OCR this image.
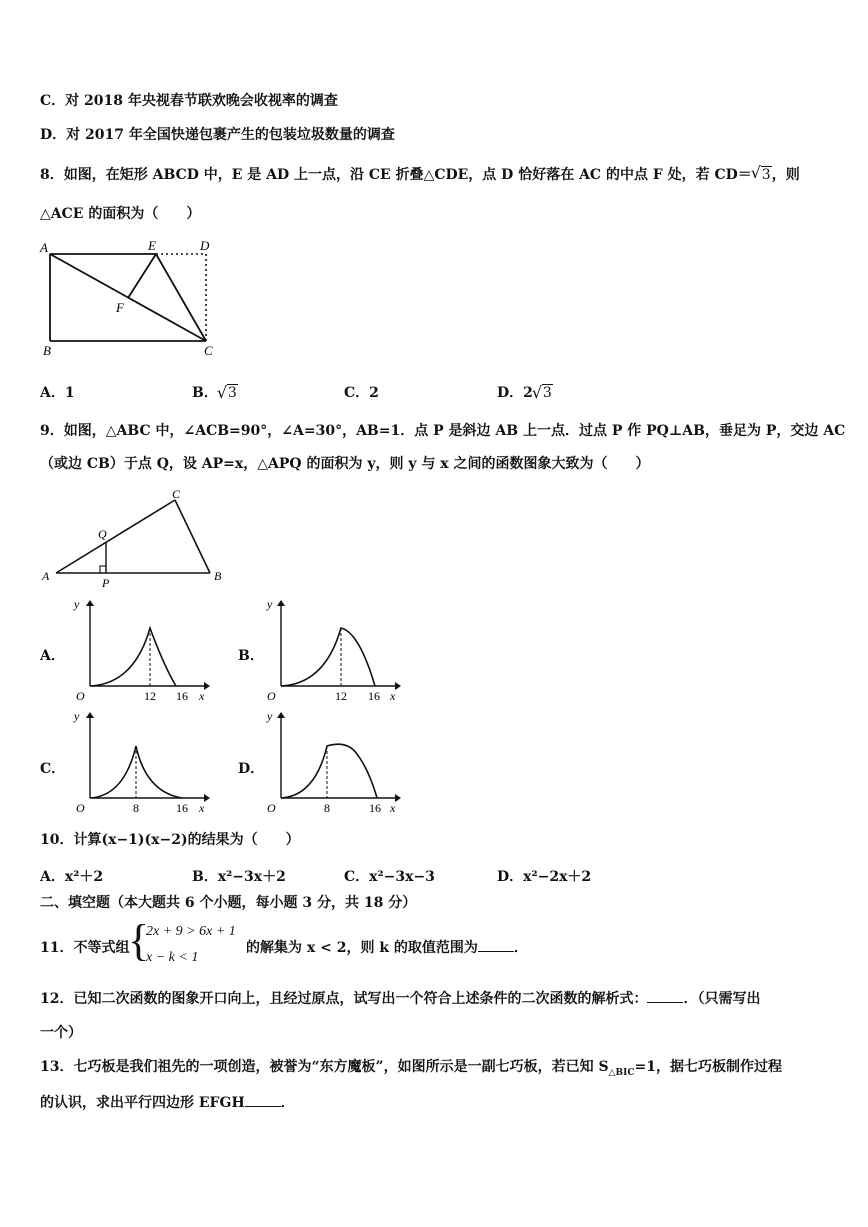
C．对 2018 年央视春节联欢晚会收视率的调查
D．对 2017 年全国快递包裹产生的包装垃圾数量的调查
8．如图，在矩形 ABCD 中，E 是 AD 上一点，沿 CE 折叠△CDE，点 D 恰好落在 AC 的中点 F 处，若 CD＝ √ 3，则
△ACE 的面积为（　　）
A	E	D
F
B	C
A．1	B． √ 3	C．2	D．2 √ 3
9．如图，△ABC 中，∠ACB=90°，∠A=30°，AB=1．点 P 是斜边 AB 上一点．过点 P 作 PQ⊥AB，垂足为 P，交边 AC
（或边 CB）于点 Q，设 AP=x，△APQ 的面积为 y，则 y 与 x 之间的函数图象大致为（　　）
C
Q
A	P	B
A．
y
O	12 16 x
B．
y
O	12 16 x
C．
y
O	8	16 x
D．
y
O	8	16 x
10．计算(x−1)(x−2)的结果为（　　）
A．x²＋2	B．x²−3x＋2	C．x²−3x−3	D．x²−2x＋2
二、填空题（本大题共 6 个小题，每小题 3 分，共 18 分）
11．不等式组
{
2x + 9 > 6x + 1
x − k < 1
的解集为 x < 2，则 k 的取值范围为	．
12．已知二次函数的图象开口向上，且经过原点，试写出一个符合上述条件的二次函数的解析式：	．（只需写出
一个）
13．七巧板是我们祖先的一项创造，被誉为“东方魔板”，如图所示是一副七巧板，若已知 $S_{\triangle BIC}=1$，据七巧板制作过程
的认识，求出平行四边形 EFGH	．
